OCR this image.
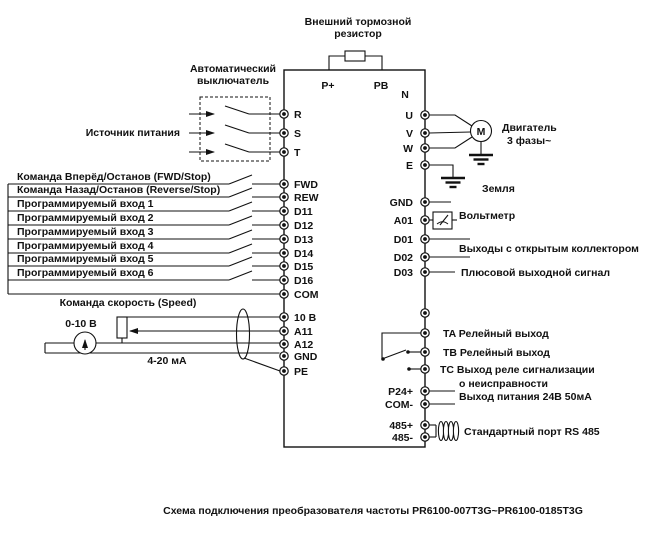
P+	PB
N
Внешний тормозной
резистор
Автоматический
выключатель
Источник питания
R
S
T
Команда Вперёд/Останов (FWD/Stop)
Команда Назад/Останов (Reverse/Stop)
Программируемый вход 1
Программируемый вход 2
Программируемый вход 3
Программируемый вход 4
Программируемый вход 5
Программируемый вход 6
FWD
REW
D11
D12
D13
D14
D15
D16
COM
Команда скорость (Speed)
0-10 В
4-20 мА
10 В
A11
A12
GND
PE
М Двигатель
3 фазы~
U
V
W
Земля
E
GND
Вольтметр
A01
Выходы с открытым коллектором
Плюсовой выходной сигнал
D01
D02
D03
TA Релейный выход
TB Релейный выход
TC Выход реле сигнализации
о неисправности
Выход питания 24В 50мА
P24+
COM-
Стандартный порт RS 485
485+
485-
Схема подключения преобразователя частоты PR6100-007T3G~PR6100-0185T3G
